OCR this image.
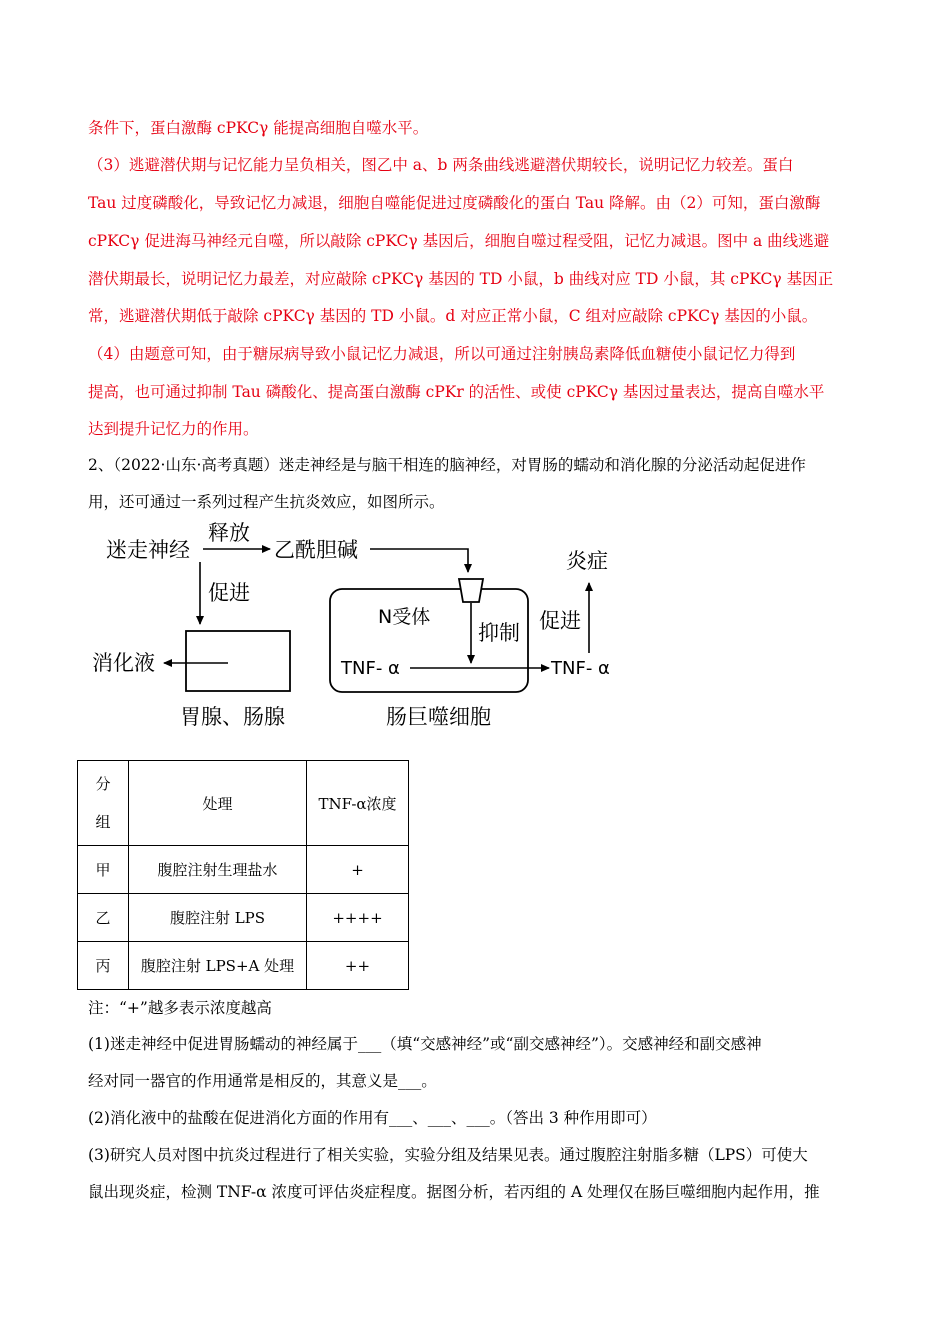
条件下，蛋白激酶 cPKCγ 能提高细胞自噬水平。
（3）逃避潜伏期与记忆能力呈负相关，图乙中 a、b 两条曲线逃避潜伏期较长，说明记忆力较差。蛋白
Tau 过度磷酸化，导致记忆力减退，细胞自噬能促进过度磷酸化的蛋白 Tau 降解。由（2）可知，蛋白激酶
cPKCγ 促进海马神经元自噬，所以敲除 cPKCγ 基因后，细胞自噬过程受阻，记忆力减退。图中 a 曲线逃避
潜伏期最长，说明记忆力最差，对应敲除 cPKCγ 基因的 TD 小鼠，b 曲线对应 TD 小鼠，其 cPKCγ 基因正
常，逃避潜伏期低于敲除 cPKCγ 基因的 TD 小鼠。d 对应正常小鼠，C 组对应敲除 cPKCγ 基因的小鼠。
（4）由题意可知，由于糖尿病导致小鼠记忆力减退，所以可通过注射胰岛素降低血糖使小鼠记忆力得到
提高，也可通过抑制 Tau 磷酸化、提高蛋白激酶 cPKr 的活性、或使 cPKCγ 基因过量表达，提高自噬水平
达到提升记忆力的作用。
2、（2022·山东·高考真题）迷走神经是与脑干相连的脑神经，对胃肠的蠕动和消化腺的分泌活动起促进作
用，还可通过一系列过程产生抗炎效应，如图所示。
迷走神经
释放
乙酰胆碱
促进
消化液
胃腺、肠腺
N受体
抑制
TNF- α	TNF- α
促进
炎症
肠巨噬细胞
分组	处理	TNF-α浓度
甲	腹腔注射生理盐水	+
乙	腹腔注射 LPS	++++
丙	腹腔注射 LPS+A 处理	++
注：“+”越多表示浓度越高
(1)迷走神经中促进胃肠蠕动的神经属于___（填“交感神经”或“副交感神经”）。交感神经和副交感神
经对同一器官的作用通常是相反的，其意义是___。
(2)消化液中的盐酸在促进消化方面的作用有___、___、___。（答出 3 种作用即可）
(3)研究人员对图中抗炎过程进行了相关实验，实验分组及结果见表。通过腹腔注射脂多糖（LPS）可使大
鼠出现炎症，检测 TNF-α 浓度可评估炎症程度。据图分析，若丙组的 A 处理仅在肠巨噬细胞内起作用，推
